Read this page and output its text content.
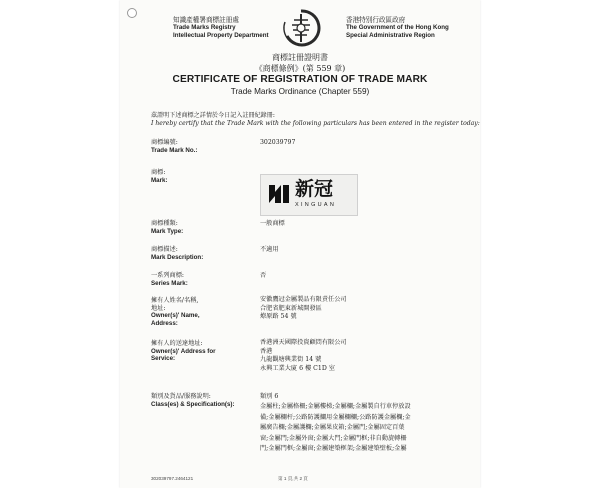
知識產權署商標註冊處
Trade Marks Registry
Intellectual Property Department
香港特別行政區政府
The Government of the Hong Kong
Special Administrative Region
商標註冊證明書
《商標條例》(第 559 章)
CERTIFICATE OF REGISTRATION OF TRADE MARK
Trade Marks Ordinance (Chapter 559)
茲證明下述商標之詳情於今日記入註冊紀錄冊:
I hereby certify that the Trade Mark with the following particulars has been entered in the register today:
商標編號:
Trade Mark No.:
302039797
商標:
Mark:	新冠
XINGUAN
商標種類:
Mark Type:
一般商標
商標描述:
Mark Description:
不適用
一系列商標:
Series Mark:
否
擁有人姓名/名稱,
地址:
Owner(s)' Name,
Address:
安徽鷹冠金屬製品有限責任公司
合肥省肥東新城開發區
燎原路 54 號
擁有人的送達地址:
Owner(s)' Address for
Service:
香港洲天國際投資顧問有限公司
香港
九龍觀塘興業街 14 號
永興工業大廈 6 樓 C1D 室
類別及貨品/服務說明:
Class(es) & Specification(s):
類別 6
金屬柱;金屬格柵;金屬樓梯;金屬欄;金屬製自行車停放設
備;金屬欄杆;公路防護攔用金屬欄欄;公路防護金屬欄;金
屬廣告欄;金屬護欄;金屬果皮箱;金屬門;金屬固定百葉
窗;金屬門;金屬外窗;金屬大門;金屬門框;非自動旋轉柵
門;金屬門框;金屬窗;金屬建築框架;金屬建築壁板;金屬
302039797.2464121	第 1 頁,共 2 頁
